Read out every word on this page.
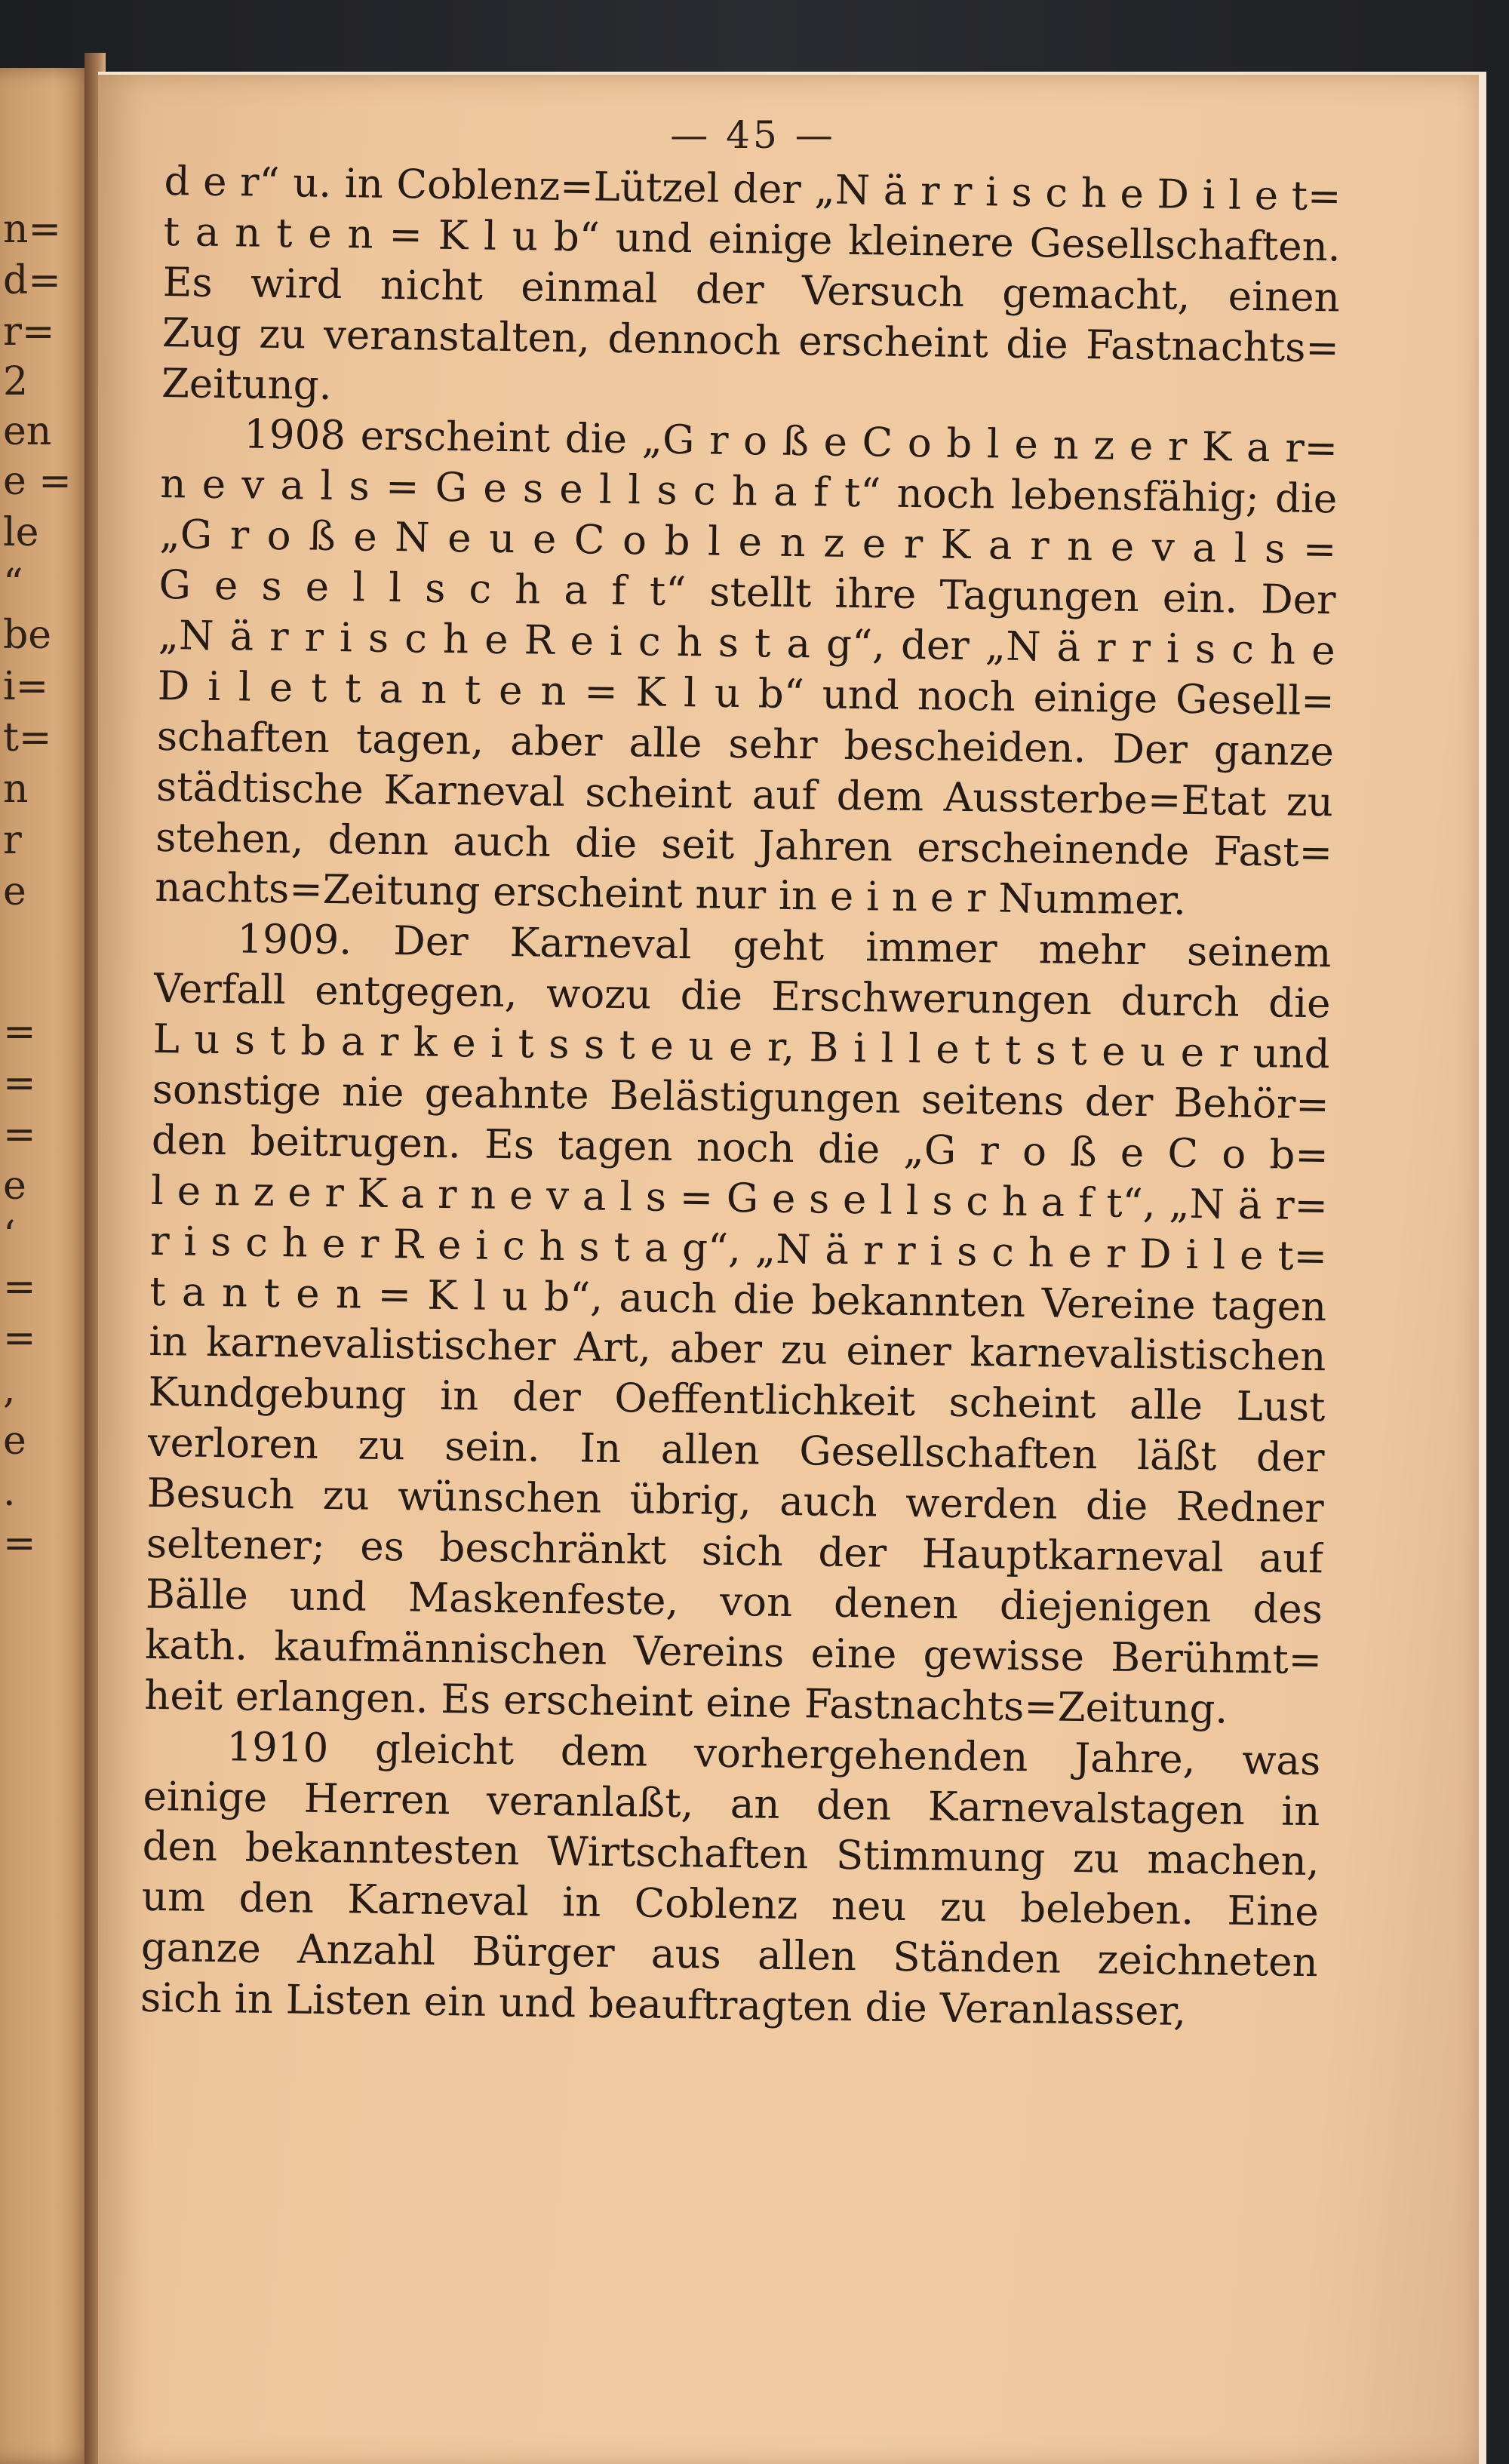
n=
d=
r=
2
en
e =
le
“
be
i=
t=
n
r
e
=
=
=
e
‘
=
=
,
e
.
=
— 45 —
d e r“ u. in Coblenz=Lützel der „N ä r r i s c h e D i l e t=
t a n t e n = K l u b“ und einige kleinere Gesellschaften.
Es wird nicht einmal der Versuch gemacht, einen
Zug zu veranstalten, dennoch erscheint die Fastnachts=
Zeitung.
1908 erscheint die „G r o ß e C o b l e n z e r K a r=
n e v a l s = G e s e l l s c h a f t“ noch lebensfähig; die
„G r o ß e N e u e C o b l e n z e r K a r n e v a l s =
G e s e l l s c h a f t“ stellt ihre Tagungen ein. Der
„N ä r r i s c h e R e i c h s t a g“, der „N ä r r i s c h e
D i l e t t a n t e n = K l u b“ und noch einige Gesell=
schaften tagen, aber alle sehr bescheiden. Der ganze
städtische Karneval scheint auf dem Aussterbe=Etat zu
stehen, denn auch die seit Jahren erscheinende Fast=
nachts=Zeitung erscheint nur in e i n e r Nummer.
1909. Der Karneval geht immer mehr seinem
Verfall entgegen, wozu die Erschwerungen durch die
L u s t b a r k e i t s s t e u e r, B i l l e t t s t e u e r und
sonstige nie geahnte Belästigungen seitens der Behör=
den beitrugen. Es tagen noch die „G r o ß e C o b=
l e n z e r K a r n e v a l s = G e s e l l s c h a f t“, „N ä r=
r i s c h e r R e i c h s t a g“, „N ä r r i s c h e r D i l e t=
t a n t e n = K l u b“, auch die bekannten Vereine tagen
in karnevalistischer Art, aber zu einer karnevalistischen
Kundgebung in der Oeffentlichkeit scheint alle Lust
verloren zu sein. In allen Gesellschaften läßt der
Besuch zu wünschen übrig, auch werden die Redner
seltener; es beschränkt sich der Hauptkarneval auf
Bälle und Maskenfeste, von denen diejenigen des
kath. kaufmännischen Vereins eine gewisse Berühmt=
heit erlangen. Es erscheint eine Fastnachts=Zeitung.
1910 gleicht dem vorhergehenden Jahre, was
einige Herren veranlaßt, an den Karnevalstagen in
den bekanntesten Wirtschaften Stimmung zu machen,
um den Karneval in Coblenz neu zu beleben. Eine
ganze Anzahl Bürger aus allen Ständen zeichneten
sich in Listen ein und beauftragten die Veranlasser,
